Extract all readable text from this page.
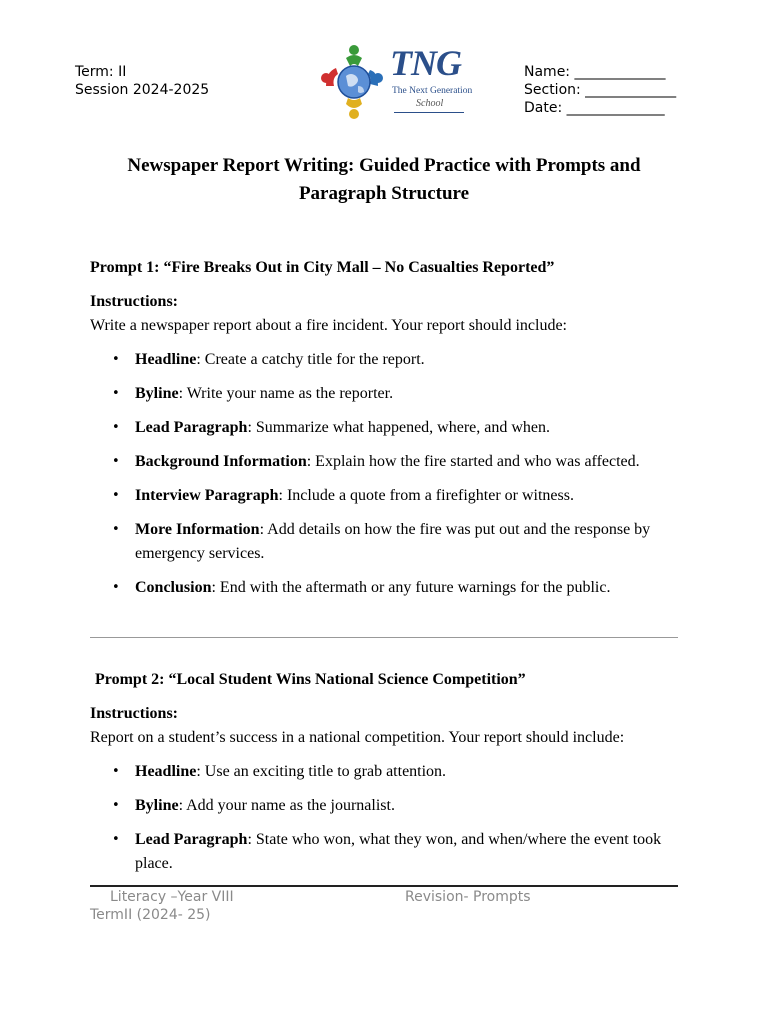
Term: II
Session 2024-2025
TNG
The Next Generation
School
Name: _____________
Section: _____________
Date: ______________
Newspaper Report Writing: Guided Practice with Prompts and Paragraph Structure

Prompt 1: “Fire Breaks Out in City Mall – No Casualties Reported”

Instructions:

Write a newspaper report about a fire incident. Your report should include:

• Headline: Create a catchy title for the report.
• Byline: Write your name as the reporter.
• Lead Paragraph: Summarize what happened, where, and when.
• Background Information: Explain how the fire started and who was affected.
• Interview Paragraph: Include a quote from a firefighter or witness.
• More Information: Add details on how the fire was put out and the response by emergency services.
• Conclusion: End with the aftermath or any future warnings for the public.

Prompt 2: “Local Student Wins National Science Competition”

Instructions:

Report on a student’s success in a national competition. Your report should include:

• Headline: Use an exciting title to grab attention.
• Byline: Add your name as the journalist.
• Lead Paragraph: State who won, what they won, and when/where the event took place.
Literacy –Year VIII	Revision- Prompts
TermII (2024- 25)
